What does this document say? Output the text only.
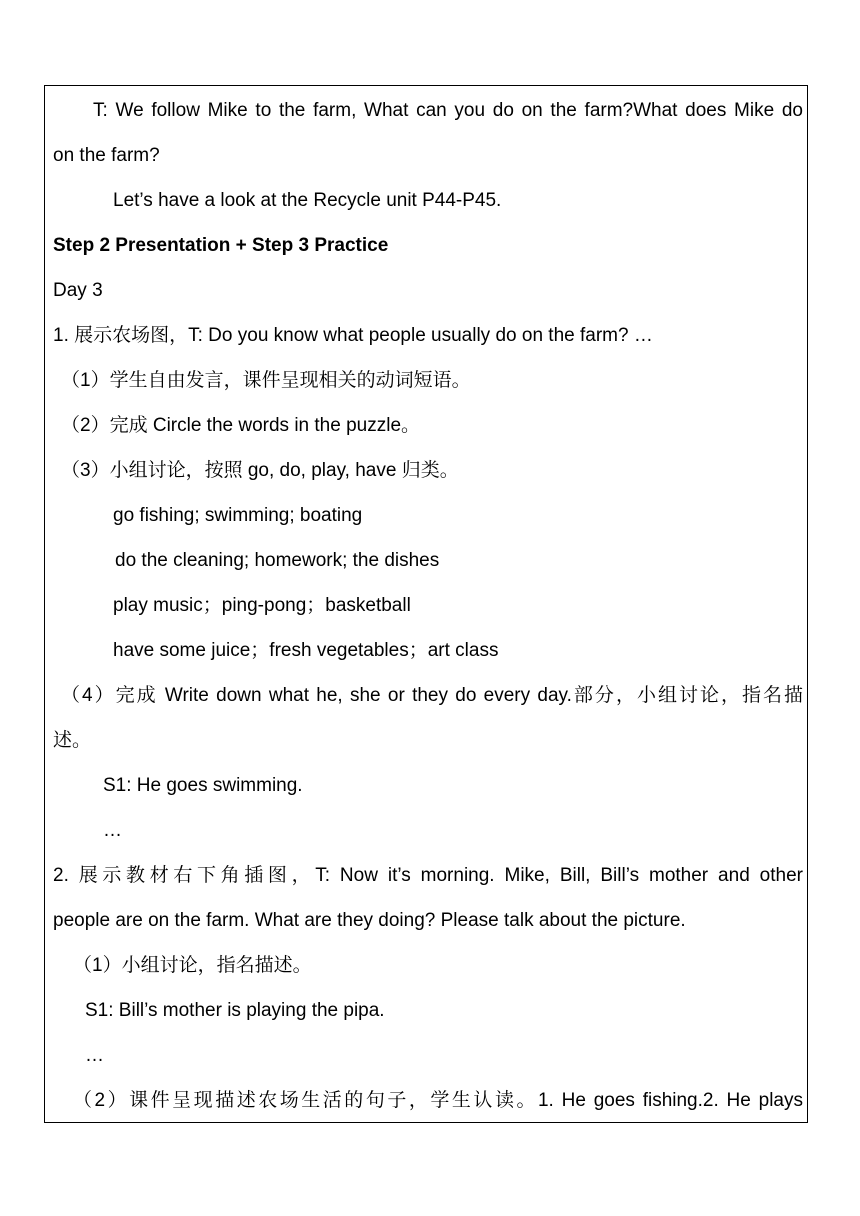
T: We follow Mike to the farm, What can you do on the farm?What does Mike do
on the farm?
Let’s have a look at the Recycle unit P44-P45.
Step 2 Presentation + Step 3 Practice
Day 3
1. 展示农场图，T: Do you know what people usually do on the farm? …
（1）学生自由发言，课件呈现相关的动词短语。
（2）完成 Circle the words in the puzzle。
（3）小组讨论，按照 go, do, play, have 归类。
go fishing; swimming; boating
do the cleaning; homework; the dishes
play music；ping-pong；basketball
have some juice；fresh vegetables；art class
（4）完成 Write down what he, she or they do every day.部分，小组讨论，指名描
述。
S1: He goes swimming.
…
2. 展示教材右下角插图，T: Now it’s morning. Mike, Bill, Bill’s mother and other
people are on the farm. What are they doing? Please talk about the picture.
（1）小组讨论，指名描述。
S1: Bill’s mother is playing the pipa.
…
（2）课件呈现描述农场生活的句子，学生认读。1. He goes fishing.2. He plays
